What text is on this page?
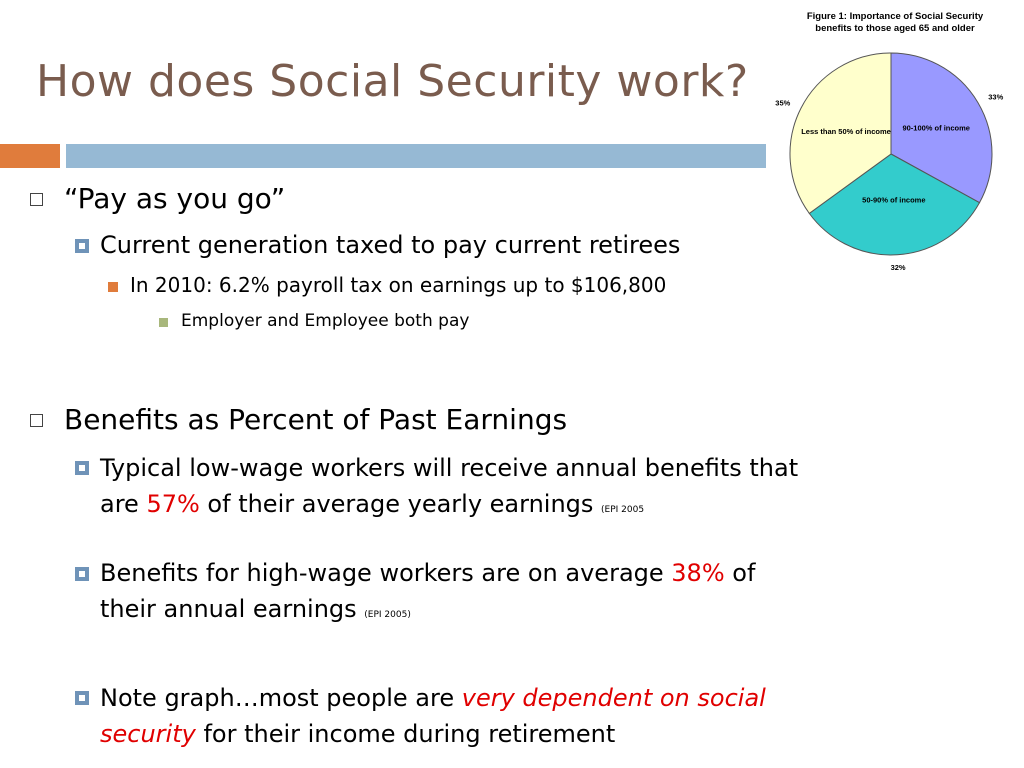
How does Social Security work?
“Pay as you go”
Current generation taxed to pay current retirees
In 2010: 6.2% payroll tax on earnings up to $106,800
Employer and Employee both pay
Benefits as Percent of Past Earnings
Typical low-wage workers will receive annual benefits that
are 57% of their average yearly earnings (EPI 2005
Benefits for high-wage workers are on average 38% of
their annual earnings (EPI 2005)
Note graph…most people are very dependent on social
security for their income during retirement
Figure 1: Importance of Social Security
benefits to those aged 65 and older
90-100% of income
33%
50-90% of income
32%
Less than 50% of income
35%
